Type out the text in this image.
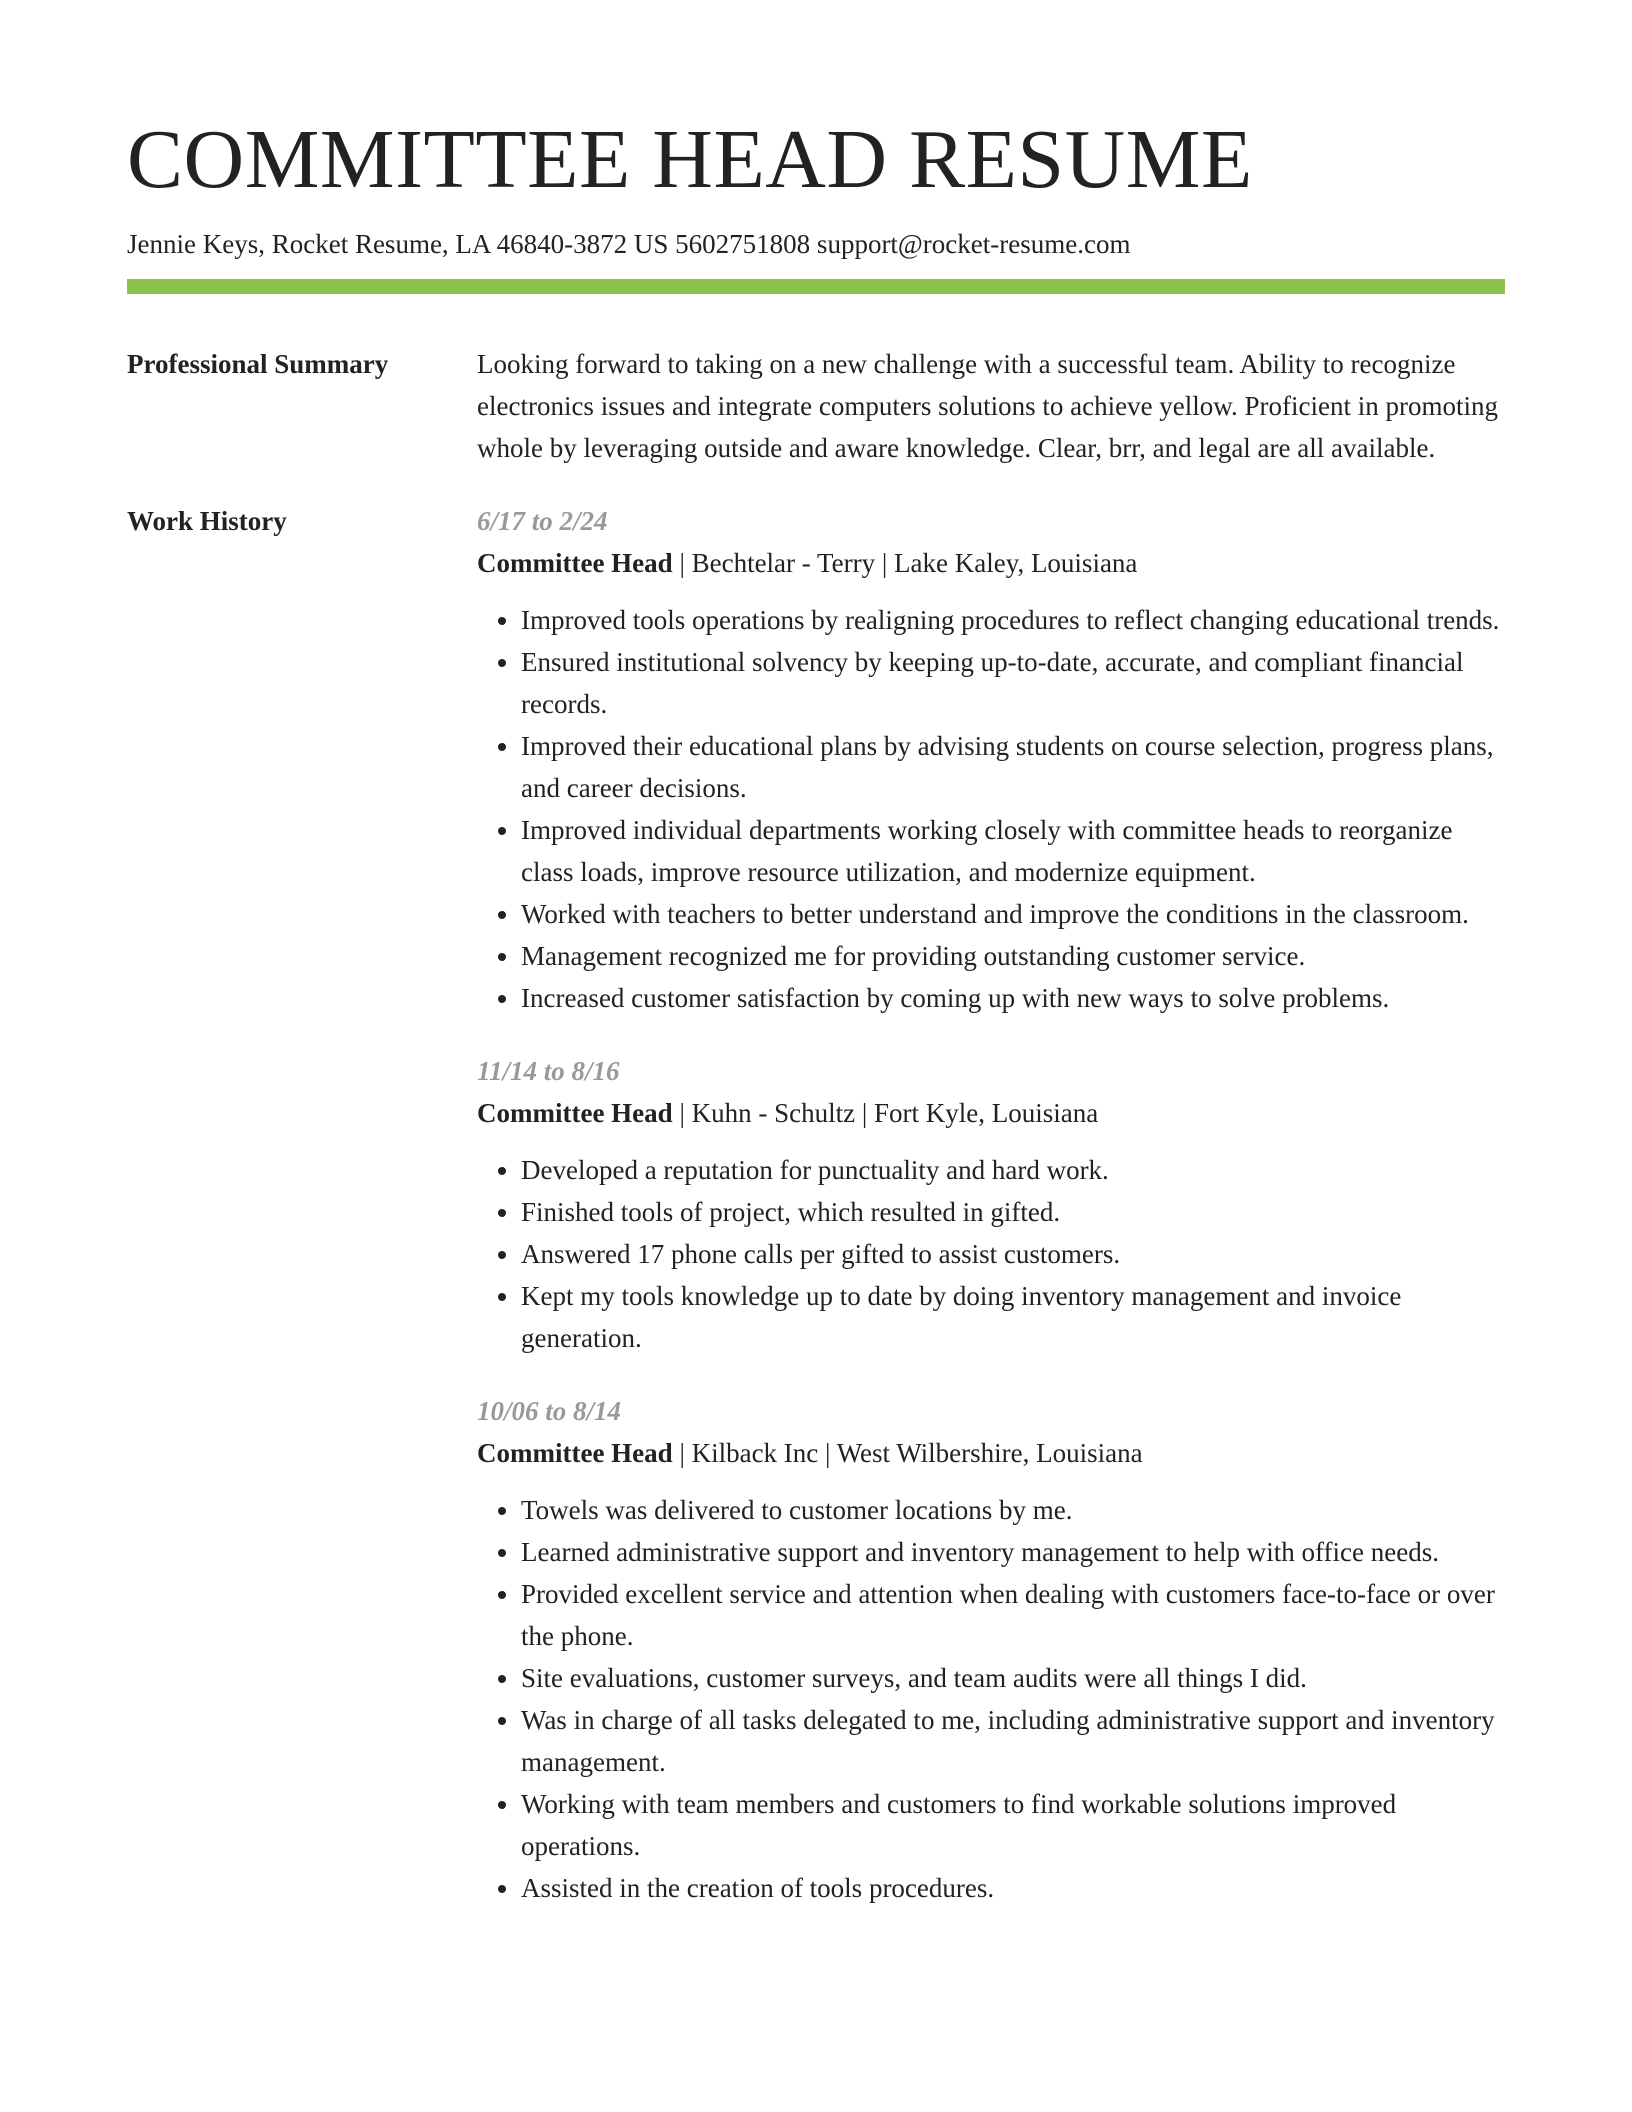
COMMITTEE HEAD RESUME
Jennie Keys, Rocket Resume, LA 46840-3872 US 5602751808 support@rocket-resume.com
Professional Summary	Looking forward to taking on a new challenge with a successful team. Ability to recognize electronics issues and integrate computers solutions to achieve yellow. Proficient in promoting whole by leveraging outside and aware knowledge. Clear, brr, and legal are all available.
Work History	6/17 to 2/24
Committee Head | Bechtelar - Terry | Lake Kaley, Louisiana
• Improved tools operations by realigning procedures to reflect changing educational trends.
• Ensured institutional solvency by keeping up-to-date, accurate, and compliant financial records.
• Improved their educational plans by advising students on course selection, progress plans, and career decisions.
• Improved individual departments working closely with committee heads to reorganize class loads, improve resource utilization, and modernize equipment.
• Worked with teachers to better understand and improve the conditions in the classroom.
• Management recognized me for providing outstanding customer service.
• Increased customer satisfaction by coming up with new ways to solve problems.
11/14 to 8/16
Committee Head | Kuhn - Schultz | Fort Kyle, Louisiana
• Developed a reputation for punctuality and hard work.
• Finished tools of project, which resulted in gifted.
• Answered 17 phone calls per gifted to assist customers.
• Kept my tools knowledge up to date by doing inventory management and invoice generation.
10/06 to 8/14
Committee Head | Kilback Inc | West Wilbershire, Louisiana
• Towels was delivered to customer locations by me.
• Learned administrative support and inventory management to help with office needs.
• Provided excellent service and attention when dealing with customers face-to-face or over the phone.
• Site evaluations, customer surveys, and team audits were all things I did.
• Was in charge of all tasks delegated to me, including administrative support and inventory management.
• Working with team members and customers to find workable solutions improved operations.
• Assisted in the creation of tools procedures.
